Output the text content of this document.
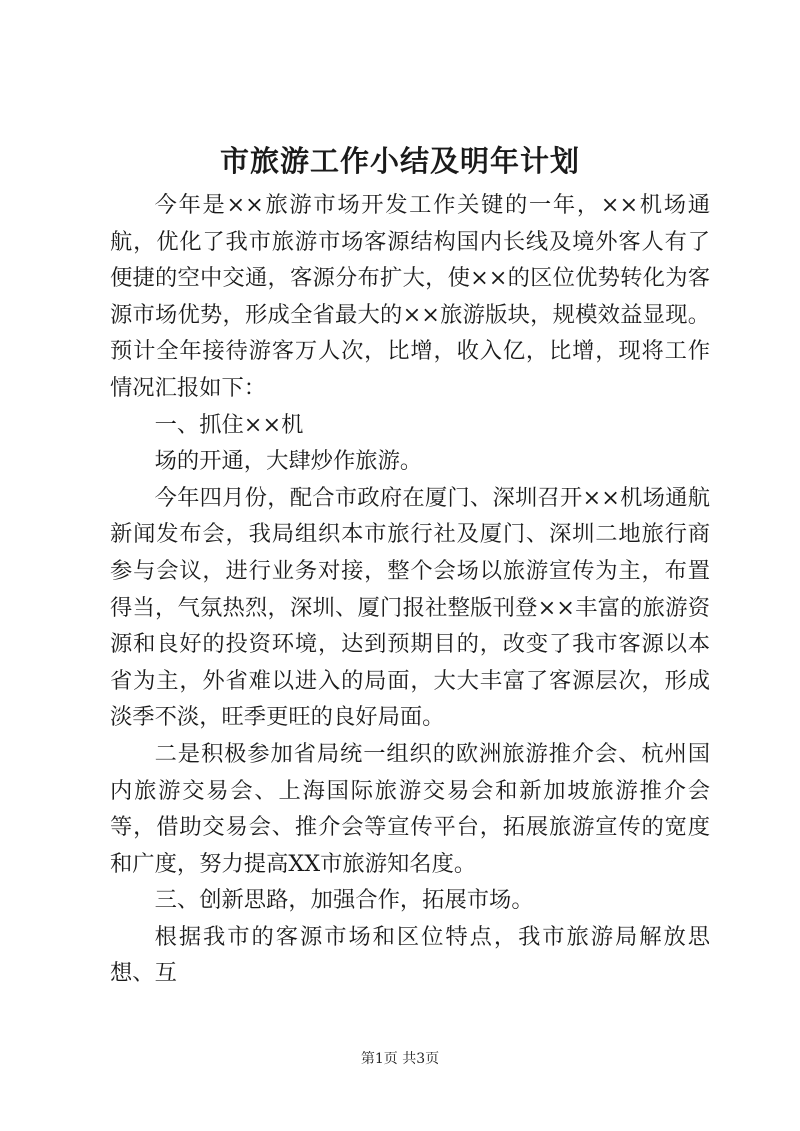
市旅游工作小结及明年计划

今年是××旅游市场开发工作关键的一年，××机场通航，优化了我市旅游市场客源结构国内长线及境外客人有了便捷的空中交通，客源分布扩大，使××的区位优势转化为客源市场优势，形成全省最大的××旅游版块，规模效益显现。预计全年接待游客万人次，比增，收入亿，比增，现将工作情况汇报如下：

一、抓住××机

场的开通，大肆炒作旅游。

今年四月份，配合市政府在厦门、深圳召开××机场通航新闻发布会，我局组织本市旅行社及厦门、深圳二地旅行商参与会议，进行业务对接，整个会场以旅游宣传为主，布置得当，气氛热烈，深圳、厦门报社整版刊登××丰富的旅游资源和良好的投资环境，达到预期目的，改变了我市客源以本省为主，外省难以进入的局面，大大丰富了客源层次，形成淡季不淡，旺季更旺的良好局面。

二是积极参加省局统一组织的欧洲旅游推介会、杭州国内旅游交易会、上海国际旅游交易会和新加坡旅游推介会等，借助交易会、推介会等宣传平台，拓展旅游宣传的宽度和广度，努力提高XX市旅游知名度。

三、创新思路，加强合作，拓展市场。

根据我市的客源市场和区位特点，我市旅游局解放思想、互

第1页 共3页
